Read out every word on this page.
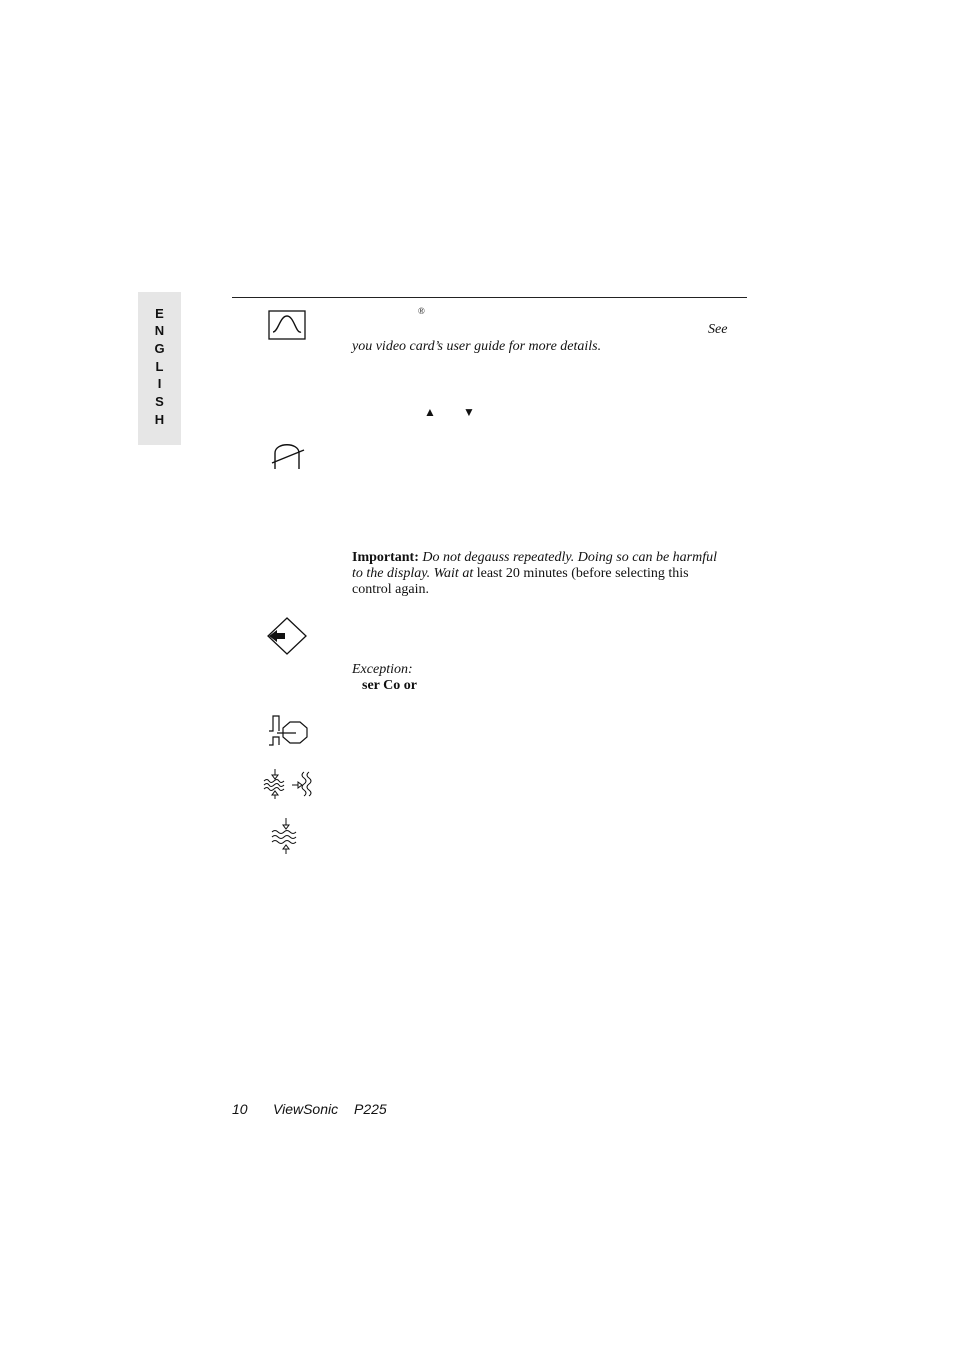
E
N
G
L
I
S
H
®
See
you video card’s user guide for more details.
▲ ▼
Important: Do not degauss repeatedly. Doing so can be harmful
to the display. Wait at least 20 minutes (before selecting this
control again.
Exception:
ser Co or
10 ViewSonic P225
